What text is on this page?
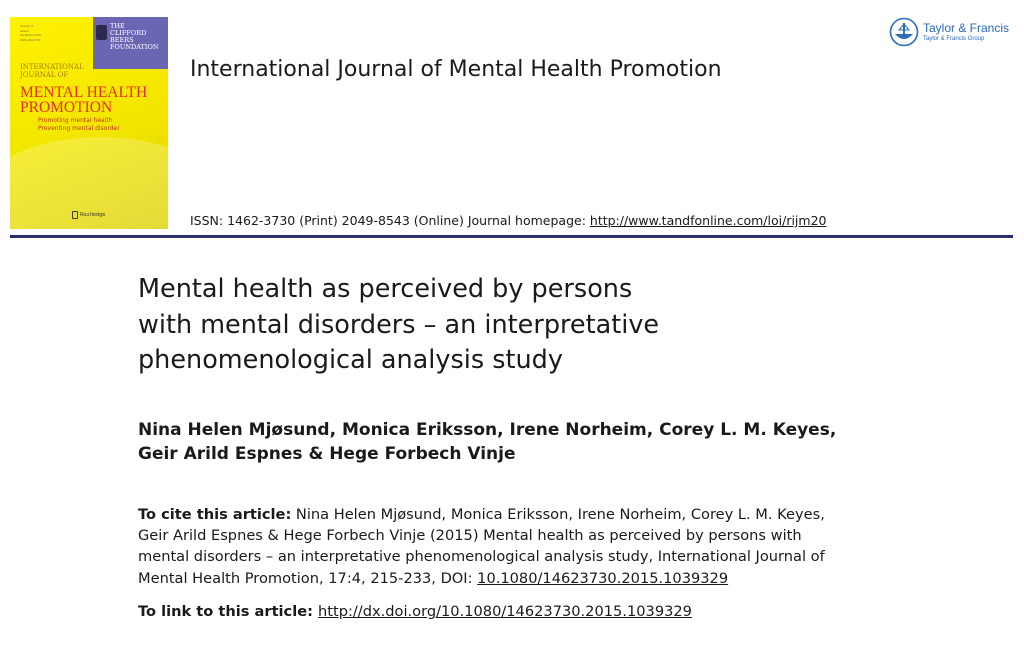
Volume 17
Issue 4
September 2015
ISSN 1462-3730
THE
CLIFFORD
BEERS
FOUNDATION
INTERNATIONAL
JOURNAL OF
MENTAL HEALTH
PROMOTION
Promoting mental health
Preventing mental disorder
Routledge
International Journal of Mental Health Promotion
Taylor & Francis
Taylor & Francis Group
ISSN: 1462-3730 (Print) 2049-8543 (Online) Journal homepage: http://www.tandfonline.com/loi/rijm20
Mental health as perceived by persons
with mental disorders – an interpretative
phenomenological analysis study
Nina Helen Mjøsund, Monica Eriksson, Irene Norheim, Corey L. M. Keyes,
Geir Arild Espnes & Hege Forbech Vinje
To cite this article: Nina Helen Mjøsund, Monica Eriksson, Irene Norheim, Corey L. M. Keyes,
Geir Arild Espnes & Hege Forbech Vinje (2015) Mental health as perceived by persons with
mental disorders – an interpretative phenomenological analysis study, International Journal of
Mental Health Promotion, 17:4, 215-233, DOI: 10.1080/14623730.2015.1039329
To link to this article: http://dx.doi.org/10.1080/14623730.2015.1039329
